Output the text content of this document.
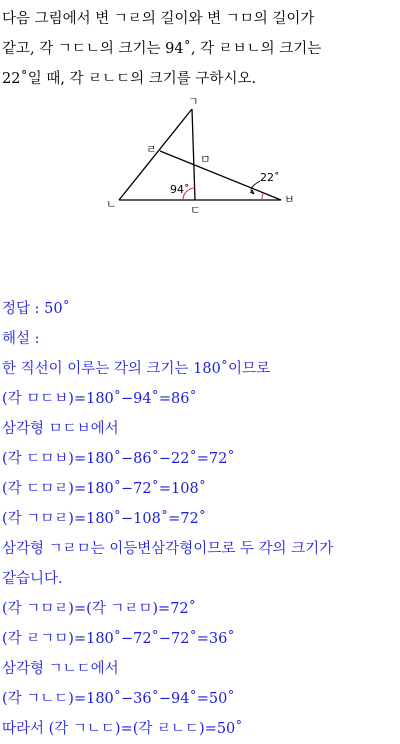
다음 그림에서 변 ㄱㄹ의 길이와 변 ㄱㅁ의 길이가
같고, 각 ㄱㄷㄴ의 크기는 94˚, 각 ㄹㅂㄴ의 크기는
22˚일 때, 각 ㄹㄴㄷ의 크기를 구하시오.
ㄱ
ㄹ
ㅁ
ㄴ	ㄷ
ㅂ
94˚
22˚
정답 : 50˚
해설 :
한 직선이 이루는 각의 크기는 180˚이므로
(각 ㅁㄷㅂ)=180˚−94˚=86˚
삼각형 ㅁㄷㅂ에서
(각 ㄷㅁㅂ)=180˚−86˚−22˚=72˚
(각 ㄷㅁㄹ)=180˚−72˚=108˚
(각 ㄱㅁㄹ)=180˚−108˚=72˚
삼각형 ㄱㄹㅁ는 이등변삼각형이므로 두 각의 크기가
같습니다.
(각 ㄱㅁㄹ)=(각 ㄱㄹㅁ)=72˚
(각 ㄹㄱㅁ)=180˚−72˚−72˚=36˚
삼각형 ㄱㄴㄷ에서
(각 ㄱㄴㄷ)=180˚−36˚−94˚=50˚
따라서 (각 ㄱㄴㄷ)=(각 ㄹㄴㄷ)=50˚
